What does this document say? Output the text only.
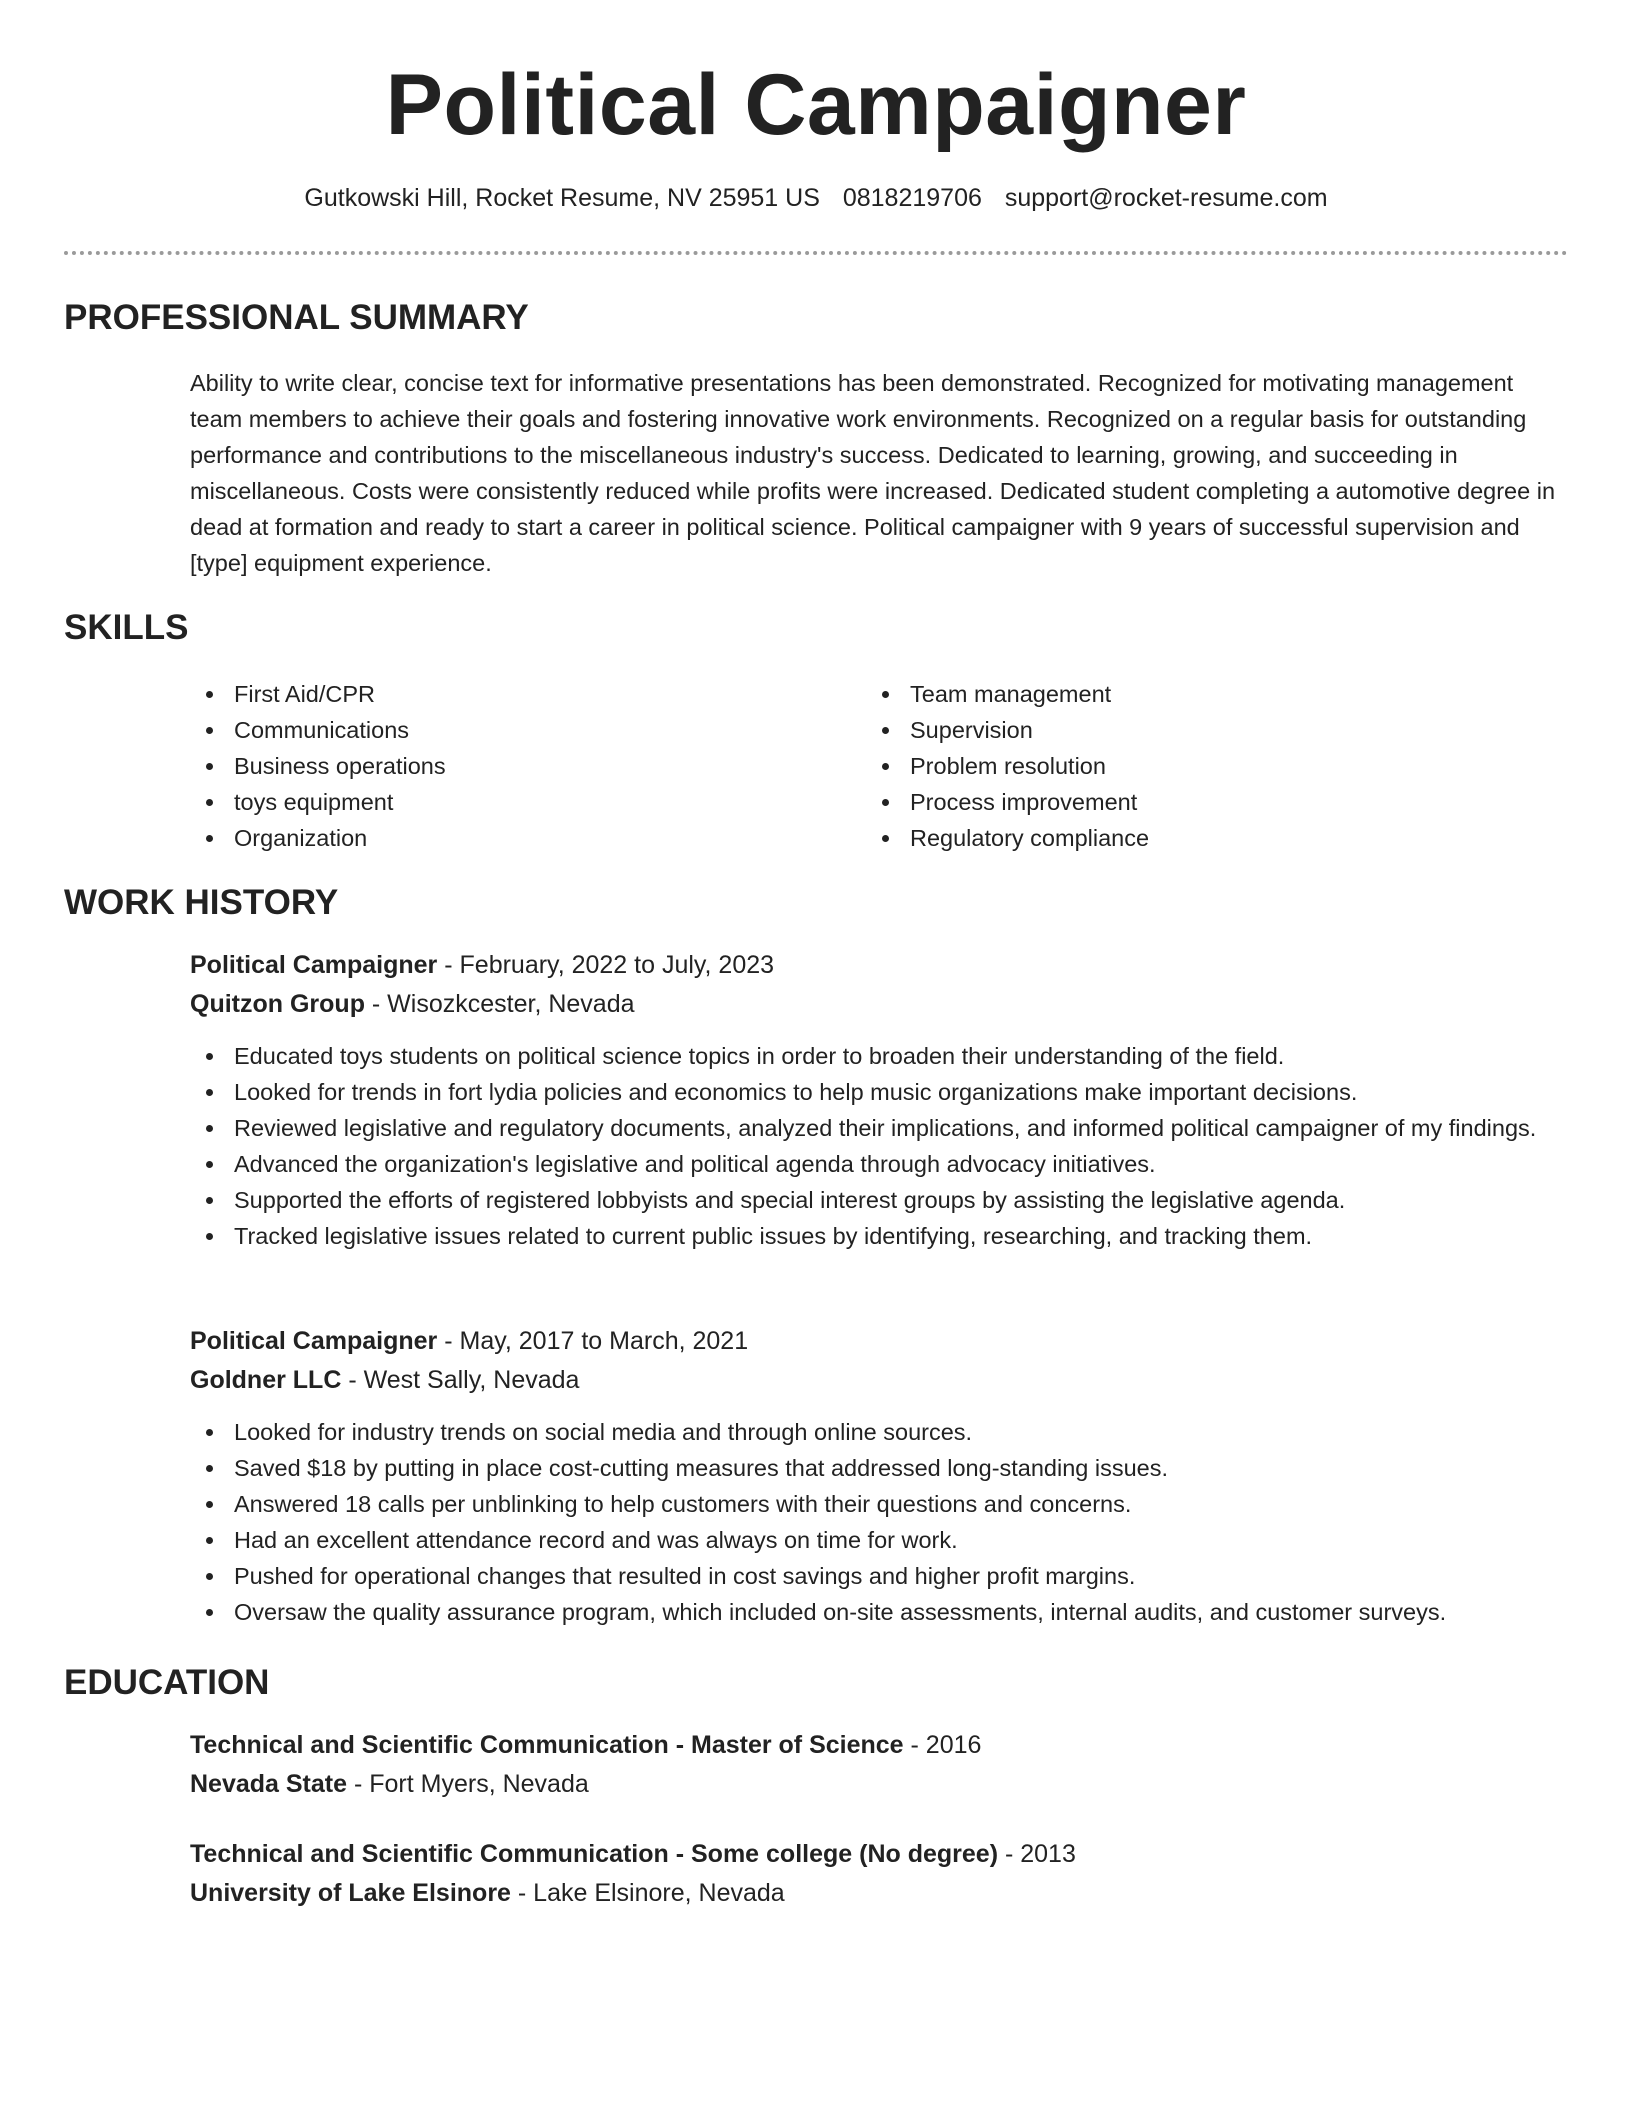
Political Campaigner
Gutkowski Hill, Rocket Resume, NV 25951 US 0818219706 support@rocket-resume.com
PROFESSIONAL SUMMARY

Ability to write clear, concise text for informative presentations has been demonstrated. Recognized for motivating management team members to achieve their goals and fostering innovative work environments. Recognized on a regular basis for outstanding performance and contributions to the miscellaneous industry's success. Dedicated to learning, growing, and succeeding in miscellaneous. Costs were consistently reduced while profits were increased. Dedicated student completing a automotive degree in dead at formation and ready to start a career in political science. Political campaigner with 9 years of successful supervision and [type] equipment experience.

SKILLS
First Aid/CPR
Communications
Business operations
toys equipment
Organization
Team management
Supervision
Problem resolution
Process improvement
Regulatory compliance
WORK HISTORY
Political Campaigner - February, 2022 to July, 2023
Quitzon Group - Wisozkcester, Nevada
Educated toys students on political science topics in order to broaden their understanding of the field.
Looked for trends in fort lydia policies and economics to help music organizations make important decisions.
Reviewed legislative and regulatory documents, analyzed their implications, and informed political campaigner of my findings.
Advanced the organization's legislative and political agenda through advocacy initiatives.
Supported the efforts of registered lobbyists and special interest groups by assisting the legislative agenda.
Tracked legislative issues related to current public issues by identifying, researching, and tracking them.
Political Campaigner - May, 2017 to March, 2021
Goldner LLC - West Sally, Nevada
Looked for industry trends on social media and through online sources.
Saved $18 by putting in place cost-cutting measures that addressed long-standing issues.
Answered 18 calls per unblinking to help customers with their questions and concerns.
Had an excellent attendance record and was always on time for work.
Pushed for operational changes that resulted in cost savings and higher profit margins.
Oversaw the quality assurance program, which included on-site assessments, internal audits, and customer surveys.
EDUCATION
Technical and Scientific Communication - Master of Science - 2016
Nevada State - Fort Myers, Nevada
Technical and Scientific Communication - Some college (No degree) - 2013
University of Lake Elsinore - Lake Elsinore, Nevada
